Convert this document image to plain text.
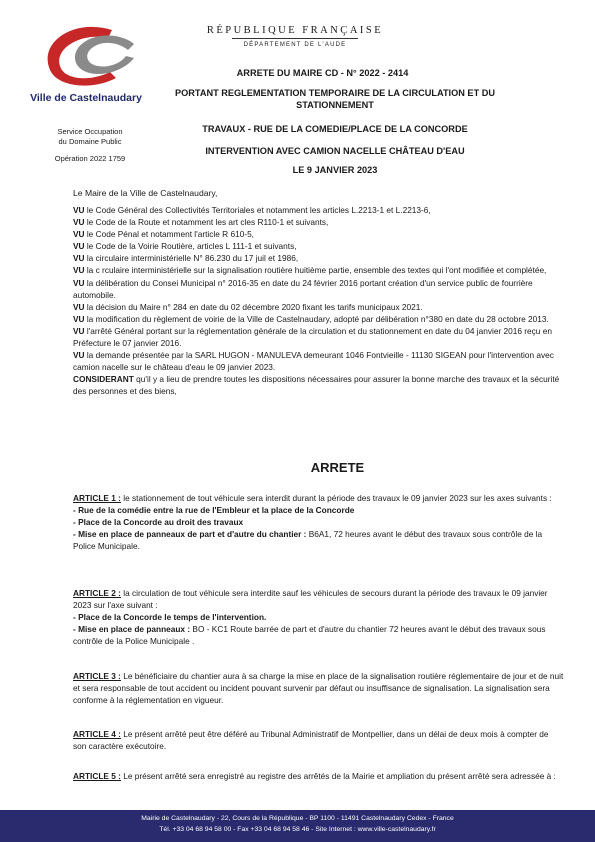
Ville de Castelnaudary
Service Occupation
du Domaine Public
Opération 2022 1759
RÉPUBLIQUE FRANÇAISE
DÉPARTEMENT DE L'AUDE
ARRETE DU MAIRE CD - N° 2022 - 2414
PORTANT REGLEMENTATION TEMPORAIRE DE LA CIRCULATION ET DU
STATIONNEMENT
TRAVAUX - RUE DE LA COMEDIE/PLACE DE LA CONCORDE
INTERVENTION AVEC CAMION NACELLE CHÂTEAU D'EAU
LE 9 JANVIER 2023
Le Maire de la Ville de Castelnaudary,

VU le Code Général des Collectivités Territoriales et notamment les articles L.2213-1 et L.2213-6,

VU le Code de la Route et notamment les art cles R110-1 et suivants,

VU le Code Pénal et notamment l'article R 610-5,

VU le Code de la Voirie Routière, articles L 111-1 et suivants,

VU la circulaire interministérielle N° 86.230 du 17 juil et 1986,

VU la c rculaire interministérielle sur la signalisation routière huitième partie, ensemble des textes qui l'ont modifiée et complétée,

VU la délibération du Consei Municipal n° 2016-35 en date du 24 février 2016 portant création d'un service public de fourrière automobile.

VU la décision du Maire n° 284 en date du 02 décembre 2020 fixant les tarifs municipaux 2021.

VU la modification du règlement de voirie de la Ville de Castelnaudary, adopté par délibération n°380 en date du 28 octobre 2013.

VU l'arrêté Général portant sur la réglementation générale de la circulation et du stationnement en date du 04 janvier 2016 reçu en Préfecture le 07 janvier 2016.

VU la demande présentée par la SARL HUGON - MANULEVA demeurant 1046 Fontvieille - 11130 SIGEAN pour l'intervention avec camion nacelle sur le château d'eau le 09 janvier 2023.

CONSIDERANT qu'il y a lieu de prendre toutes les dispositions nécessaires pour assurer la bonne marche des travaux et la sécurité des personnes et des biens,

ARRETE

ARTICLE 1 : le stationnement de tout véhicule sera interdit durant la période des travaux le 09 janvier 2023 sur les axes suivants :

- Rue de la comédie entre la rue de l'Embleur et la place de la Concorde

- Place de la Concorde au droit des travaux

- Mise en place de panneaux de part et d'autre du chantier : B6A1, 72 heures avant le début des travaux sous contrôle de la Police Municipale.

ARTICLE 2 : la circulation de tout véhicule sera interdite sauf les véhicules de secours durant la période des travaux le 09 janvier 2023 sur l'axe suivant :

- Place de la Concorde le temps de l'intervention.

- Mise en place de panneaux : BO - KC1 Route barrée de part et d'autre du chantier 72 heures avant le début des travaux sous contrôle de la Police Municipale .

ARTICLE 3 : Le bénéficiaire du chantier aura à sa charge la mise en place de la signalisation routière réglementaire de jour et de nuit et sera responsable de tout accident ou incident pouvant survenir par défaut ou insuffisance de signalisation. La signalisation sera conforme à la réglementation en vigueur.

ARTICLE 4 : Le présent arrêté peut être déféré au Tribunal Administratif de Montpellier, dans un délai de deux mois à compter de son caractère exécutoire.

ARTICLE 5 : Le présent arrêté sera enregistré au registre des arrêtés de la Mairie et ampliation du présent arrêté sera adressée à :

Mairie de Castelnaudary - 22, Cours de la République - BP 1100 - 11491 Castelnaudary Cedex - France
Tél. +33 04 68 94 58 00 - Fax +33 04 68 94 58 46 - Site Internet : www.ville-castelnaudary.fr
